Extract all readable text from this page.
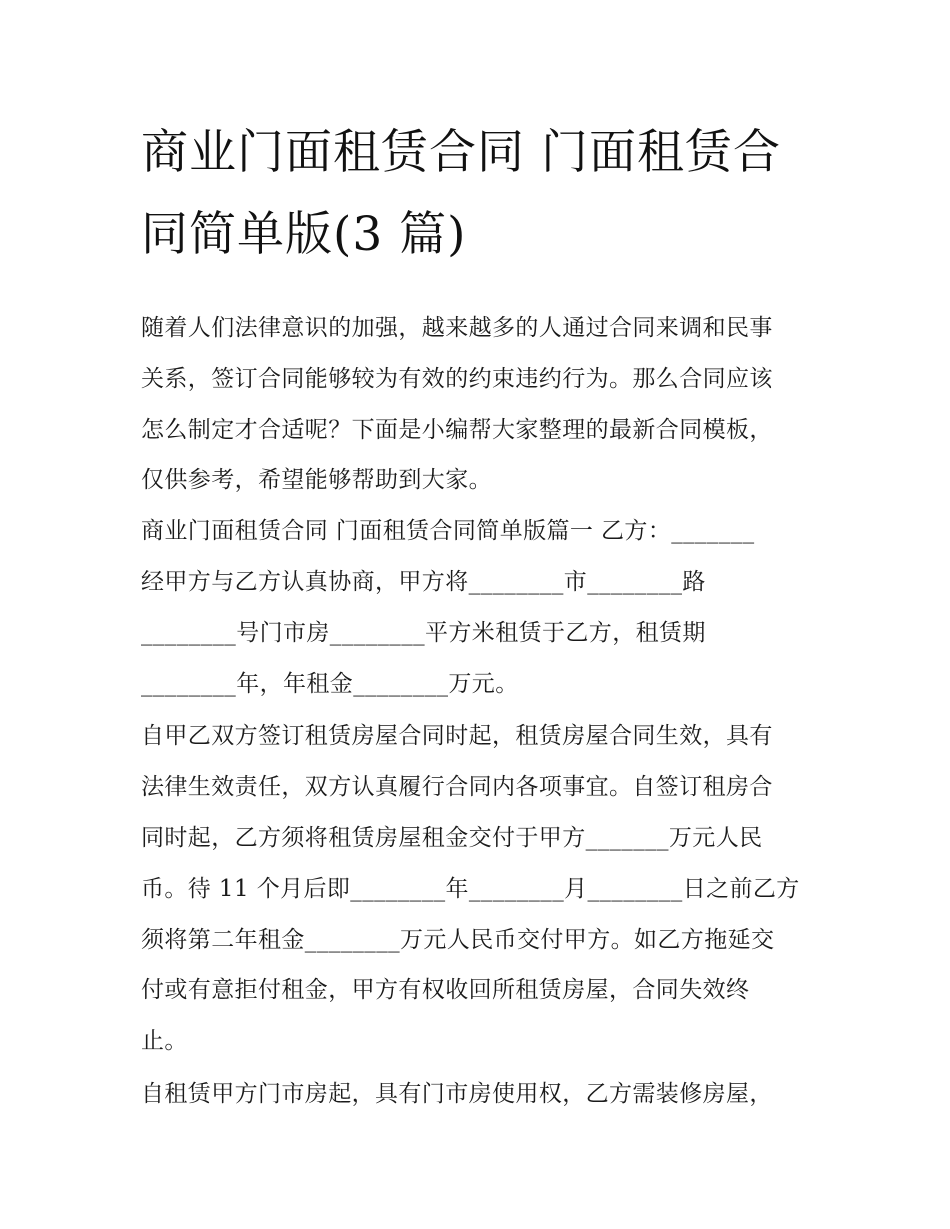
商业门面租赁合同 门面租赁合
同简单版(3 篇)

随着人们法律意识的加强，越来越多的人通过合同来调和民事
关系，签订合同能够较为有效的约束违约行为。那么合同应该
怎么制定才合适呢？下面是小编帮大家整理的最新合同模板，
仅供参考，希望能够帮助到大家。

商业门面租赁合同 门面租赁合同简单版篇一 乙方：_______
经甲方与乙方认真协商，甲方将________市________路
________号门市房________平方米租赁于乙方，租赁期
________年，年租金________万元。

自甲乙双方签订租赁房屋合同时起，租赁房屋合同生效，具有
法律生效责任，双方认真履行合同内各项事宜。自签订租房合
同时起，乙方须将租赁房屋租金交付于甲方_______万元人民
币。待 11 个月后即________年________月________日之前乙方
须将第二年租金________万元人民币交付甲方。如乙方拖延交
付或有意拒付租金，甲方有权收回所租赁房屋，合同失效终
止。

自租赁甲方门市房起，具有门市房使用权，乙方需装修房屋，
